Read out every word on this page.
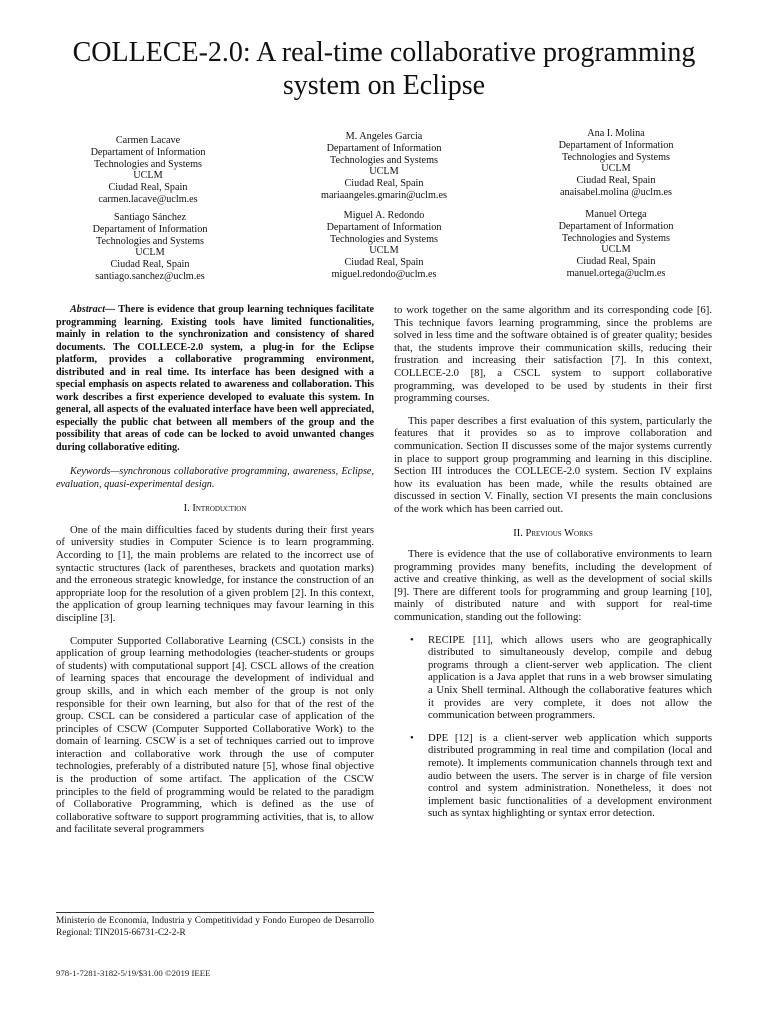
COLLECE-2.0: A real-time collaborative programming system on Eclipse
Carmen Lacave
Departament of Information
Technologies and Systems
UCLM
Ciudad Real, Spain
carmen.lacave@uclm.es
M. Angeles Garcia
Departament of Information
Technologies and Systems
UCLM
Ciudad Real, Spain
mariaangeles.gmarin@uclm.es
Ana I. Molina
Departament of Information
Technologies and Systems
UCLM
Ciudad Real, Spain
anaisabel.molina @uclm.es
Santiago Sánchez
Departament of Information
Technologies and Systems
UCLM
Ciudad Real, Spain
santiago.sanchez@uclm.es
Miguel A. Redondo
Departament of Information
Technologies and Systems
UCLM
Ciudad Real, Spain
miguel.redondo@uclm.es
Manuel Ortega
Departament of Information
Technologies and Systems
UCLM
Ciudad Real, Spain
manuel.ortega@uclm.es

Abstract— There is evidence that group learning techniques facilitate programming learning. Existing tools have limited functionalities, mainly in relation to the synchronization and consistency of shared documents. The COLLECE-2.0 system, a plug-in for the Eclipse platform, provides a collaborative programming environment, distributed and in real time. Its interface has been designed with a special emphasis on aspects related to awareness and collaboration. This work describes a first experience developed to evaluate this system. In general, all aspects of the evaluated interface have been well appreciated, especially the public chat between all members of the group and the possibility that areas of code can be locked to avoid unwanted changes during collaborative editing.

Keywords—synchronous collaborative programming, awareness, Eclipse, evaluation, quasi-experimental design.

I. Introduction

One of the main difficulties faced by students during their first years of university studies in Computer Science is to learn programming. According to [1], the main problems are related to the incorrect use of syntactic structures (lack of parentheses, brackets and quotation marks) and the erroneous strategic knowledge, for instance the construction of an appropriate loop for the resolution of a given problem [2]. In this context, the application of group learning techniques may favour learning in this discipline [3].

Computer Supported Collaborative Learning (CSCL) consists in the application of group learning methodologies (teacher-students or groups of students) with computational support [4]. CSCL allows of the creation of learning spaces that encourage the development of individual and group skills, and in which each member of the group is not only responsible for their own learning, but also for that of the rest of the group. CSCL can be considered a particular case of application of the principles of CSCW (Computer Supported Collaborative Work) to the domain of learning. CSCW is a set of techniques carried out to improve interaction and collaborative work through the use of computer technologies, preferably of a distributed nature [5], whose final objective is the production of some artifact. The application of the CSCW principles to the field of programming would be related to the paradigm of Collaborative Programming, which is defined as the use of collaborative software to support programming activities, that is, to allow and facilitate several programmers

to work together on the same algorithm and its corresponding code [6]. This technique favors learning programming, since the problems are solved in less time and the software obtained is of greater quality; besides that, the students improve their communication skills, reducing their frustration and increasing their satisfaction [7]. In this context, COLLECE-2.0 [8], a CSCL system to support collaborative programming, was developed to be used by students in their first programming courses.

This paper describes a first evaluation of this system, particularly the features that it provides so as to improve collaboration and communication. Section II discusses some of the major systems currently in place to support group programming and learning in this discipline. Section III introduces the COLLECE-2.0 system. Section IV explains how its evaluation has been made, while the results obtained are discussed in section V. Finally, section VI presents the main conclusions of the work which has been carried out.

II. Previous Works

There is evidence that the use of collaborative environments to learn programming provides many benefits, including the development of active and creative thinking, as well as the development of social skills [9]. There are different tools for programming and group learning [10], mainly of distributed nature and with support for real-time communication, standing out the following:

• RECIPE [11], which allows users who are geographically distributed to simultaneously develop, compile and debug programs through a client-server web application. The client application is a Java applet that runs in a web browser simulating a Unix Shell terminal. Although the collaborative features which it provides are very complete, it does not allow the communication between programmers.
• DPE [12] is a client-server web application which supports distributed programming in real time and compilation (local and remote). It implements communication channels through text and audio between the users. The server is in charge of file version control and system administration. Nonetheless, it does not implement basic functionalities of a development environment such as syntax highlighting or syntax error detection.
Ministerio de Economía, Industria y Competitividad y Fondo Europeo de Desarrollo Regional: TIN2015-66731-C2-2-R
978-1-7281-3182-5/19/$31.00 ©2019 IEEE
